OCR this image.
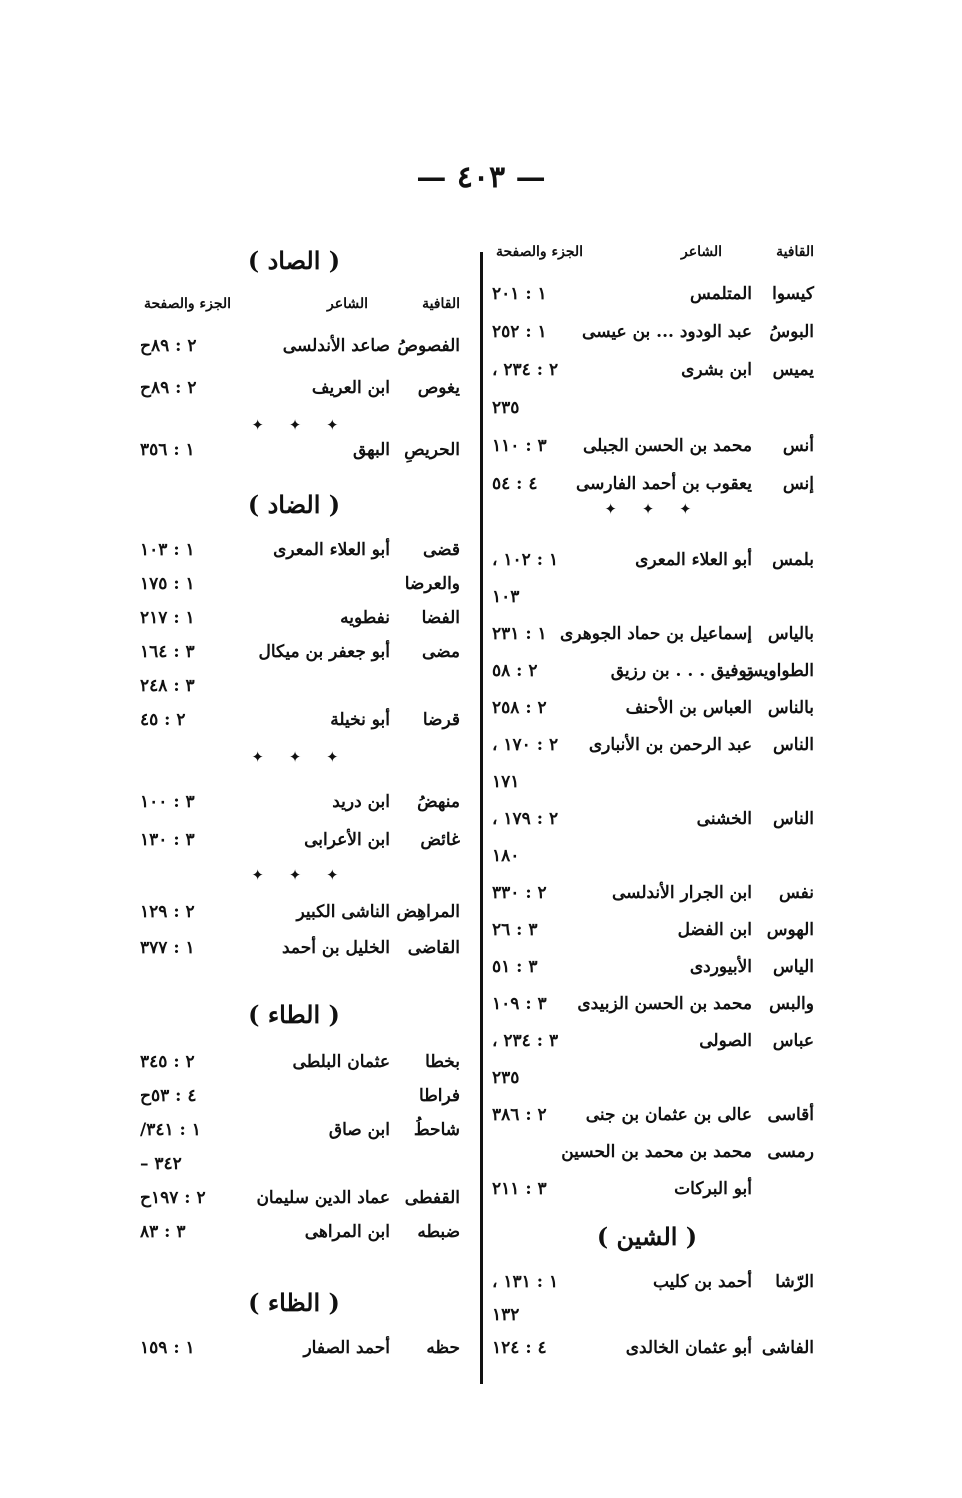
— ٤٠٣ —
القافية
الشاعر
الجزء والصفحة
كيسوا
المتلمس
١ : ٢٠١
البوسُ
عبد الودود ... بن عيسى
١ : ٢٥٢
يميس
ابن بشرى
٢ : ٢٣٤ ،
٢٣٥
أنس
محمد بن الحسن الجبلى
٣ : ١١٠
إنس
يعقوب بن أحمد الفارسى
٤ : ٥٤
✦ ✦ ✦
بلمس
أبو العلاء المعرى
١ : ١٠٢ ،
١٠٣
بالياس
إسماعيل بن حماد الجوهرى
١ : ٢٣١
الطواويس
توفيق . . . بن رزيق
٢ : ٥٨
بالناس
العباس بن الأحنف
٢ : ٢٥٨
الناس
عبد الرحمن بن الأنبارى
٢ : ١٧٠ ،
١٧١
الناس
الخشنى
٢ : ١٧٩ ،
١٨٠
نفس
ابن الجرار الأندلسى
٢ : ٣٣٠
الهوس
ابن الفضل
٣ : ٢٦
الياس
الأبيوردى
٣ : ٥١
والبس
محمد بن الحسن الزبيدى
٣ : ١٠٩
عباس
الصولى
٣ : ٢٣٤ ،
٢٣٥
أقاسى
عالى بن عثمان بن جنى
٢ : ٣٨٦
رمسى
محمد بن محمد بن الحسين
أبو البركات
٣ : ٢١١
( الشين )
الرّشا
أحمد بن كليب
١ : ١٣١ ،
١٣٢
الفاشى
أبو عثمان الخالدى
٤ : ١٢٤
( الصاد )
القافية
الشاعر
الجزء والصفحة
الفصوصُ
صاعد الأندلسى
٢ : ٨٩ح
يغوص
ابن العريف
٢ : ٨٩ح
✦ ✦ ✦
الحريصِ
البهق
١ : ٣٥٦
( الضاد )
قضى
أبو العلاء المعرى
١ : ١٠٣
والعرضا
١ : ١٧٥
الفضا
نفطويه
١ : ٢١٧
مضى
أبو جعفر بن ميكال
٣ : ١٦٤
٣ : ٢٤٨
قرضا
أبو نخيلة
٢ : ٤٥
✦ ✦ ✦
منهضُ
ابن دريد
٣ : ١٠٠
غائض
ابن الأعرابى
٣ : ١٣٠
✦ ✦ ✦
المراهِض
الناشى الكبير
٢ : ١٢٩
القاضى
الخليل بن أحمد
١ : ٣٧٧
( الطاء )
بخطا
عثمان البلطى
٢ : ٣٤٥
فراطا
٤ : ٥٣ح
شاحطُ
ابن صاق
١ : ٣٤١/
٣٤٢ –
القفطى
عماد الدين سليمان
٢ : ١٩٧ح
ضبطه
ابن المراهى
٣ : ٨٣
( الظاء )
حظه
أحمد الصفار
١ : ١٥٩
